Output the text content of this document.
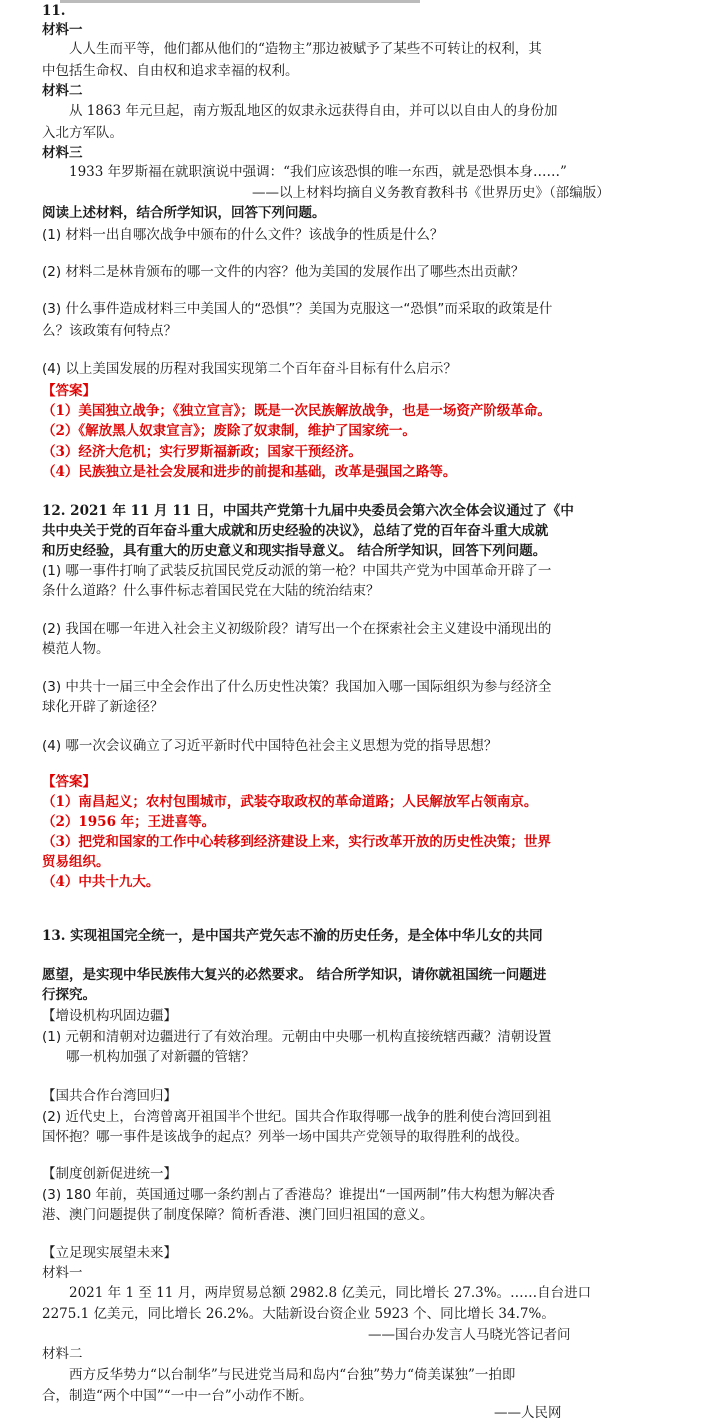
11.
材料一
人人生而平等，他们都从他们的“造物主”那边被赋予了某些不可转让的权利，其
中包括生命权、自由权和追求幸福的权利。
材料二
从 1863 年元旦起，南方叛乱地区的奴隶永远获得自由，并可以以自由人的身份加
入北方军队。
材料三
1933 年罗斯福在就职演说中强调：“我们应该恐惧的唯一东西，就是恐惧本身……”
——以上材料均摘自义务教育教科书《世界历史》（部编版）
阅读上述材料，结合所学知识，回答下列问题。
(1) 材料一出自哪次战争中颁布的什么文件？该战争的性质是什么？
(2) 材料二是林肯颁布的哪一文件的内容？他为美国的发展作出了哪些杰出贡献？
(3) 什么事件造成材料三中美国人的“恐惧”？美国为克服这一“恐惧”而采取的政策是什
么？该政策有何特点？
(4) 以上美国发展的历程对我国实现第二个百年奋斗目标有什么启示？
【答案】
（1）美国独立战争；《独立宣言》；既是一次民族解放战争，也是一场资产阶级革命。
（2）《解放黑人奴隶宣言》；废除了奴隶制，维护了国家统一。
（3）经济大危机；实行罗斯福新政；国家干预经济。
（4）民族独立是社会发展和进步的前提和基础，改革是强国之路等。
12. 2021 年 11 月 11 日，中国共产党第十九届中央委员会第六次全体会议通过了《中
共中央关于党的百年奋斗重大成就和历史经验的决议》，总结了党的百年奋斗重大成就
和历史经验，具有重大的历史意义和现实指导意义。 结合所学知识，回答下列问题。
(1) 哪一事件打响了武装反抗国民党反动派的第一枪？中国共产党为中国革命开辟了一
条什么道路？什么事件标志着国民党在大陆的统治结束？
(2) 我国在哪一年进入社会主义初级阶段？请写出一个在探索社会主义建设中涌现出的
模范人物。
(3) 中共十一届三中全会作出了什么历史性决策？我国加入哪一国际组织为参与经济全
球化开辟了新途径？
(4) 哪一次会议确立了习近平新时代中国特色社会主义思想为党的指导思想？
【答案】
（1）南昌起义；农村包围城市，武装夺取政权的革命道路；人民解放军占领南京。
（2）1956 年；王进喜等。
（3）把党和国家的工作中心转移到经济建设上来，实行改革开放的历史性决策；世界
贸易组织。
（4）中共十九大。
13. 实现祖国完全统一，是中国共产党矢志不渝的历史任务，是全体中华儿女的共同
愿望，是实现中华民族伟大复兴的必然要求。 结合所学知识，请你就祖国统一问题进
行探究。
【增设机构巩固边疆】
(1) 元朝和清朝对边疆进行了有效治理。元朝由中央哪一机构直接统辖西藏？清朝设置
哪一机构加强了对新疆的管辖？
【国共合作台湾回归】
(2) 近代史上，台湾曾离开祖国半个世纪。国共合作取得哪一战争的胜利使台湾回到祖
国怀抱？哪一事件是该战争的起点？列举一场中国共产党领导的取得胜利的战役。
【制度创新促进统一】
(3) 180 年前，英国通过哪一条约割占了香港岛？谁提出“一国两制”伟大构想为解决香
港、澳门问题提供了制度保障？简析香港、澳门回归祖国的意义。
【立足现实展望未来】
材料一
2021 年 1 至 11 月，两岸贸易总额 2982.8 亿美元，同比增长 27.3%。……自台进口
2275.1 亿美元，同比增长 26.2%。大陆新设台资企业 5923 个、同比增长 34.7%。
——国台办发言人马晓光答记者问
材料二
西方反华势力“以台制华”与民进党当局和岛内“台独”势力“倚美谋独”一拍即
合，制造“两个中国”“一中一台”小动作不断。
——人民网
